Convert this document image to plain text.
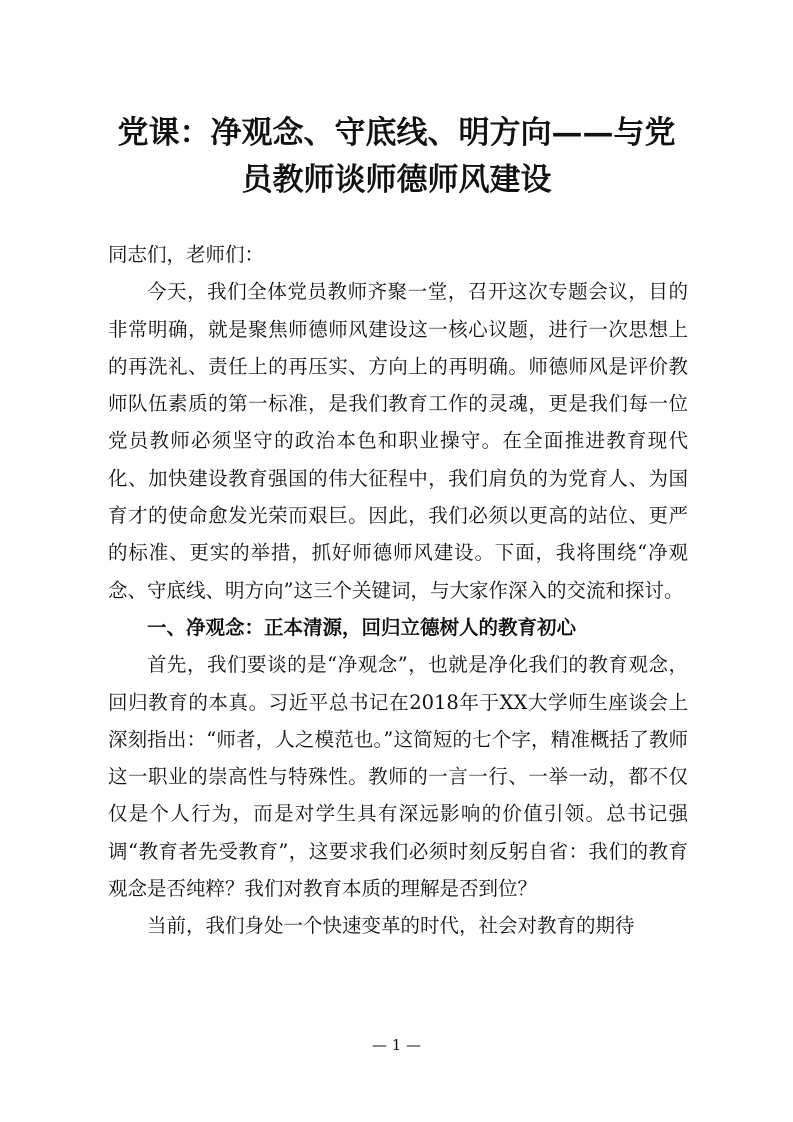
党课：净观念、守底线、明方向——与党
员教师谈师德师风建设

同志们，老师们：

今天，我们全体党员教师齐聚一堂，召开这次专题会议，目的非常明确，就是聚焦师德师风建设这一核心议题，进行一次思想上的再洗礼、责任上的再压实、方向上的再明确。师德师风是评价教师队伍素质的第一标准，是我们教育工作的灵魂，更是我们每一位党员教师必须坚守的政治本色和职业操守。在全面推进教育现代化、加快建设教育强国的伟大征程中，我们肩负的为党育人、为国育才的使命愈发光荣而艰巨。因此，我们必须以更高的站位、更严的标准、更实的举措，抓好师德师风建设。下面，我将围绕“净观念、守底线、明方向”这三个关键词，与大家作深入的交流和探讨。

一、净观念：正本清源，回归立德树人的教育初心

首先，我们要谈的是“净观念”，也就是净化我们的教育观念，回归教育的本真。习近平总书记在2018年于XX大学师生座谈会上深刻指出：“师者，人之模范也。”这简短的七个字，精准概括了教师这一职业的崇高性与特殊性。教师的一言一行、一举一动，都不仅仅是个人行为，而是对学生具有深远影响的价值引领。总书记强调“教育者先受教育”，这要求我们必须时刻反躬自省：我们的教育观念是否纯粹？我们对教育本质的理解是否到位？

当前，我们身处一个快速变革的时代，社会对教育的期待

— 1 —
